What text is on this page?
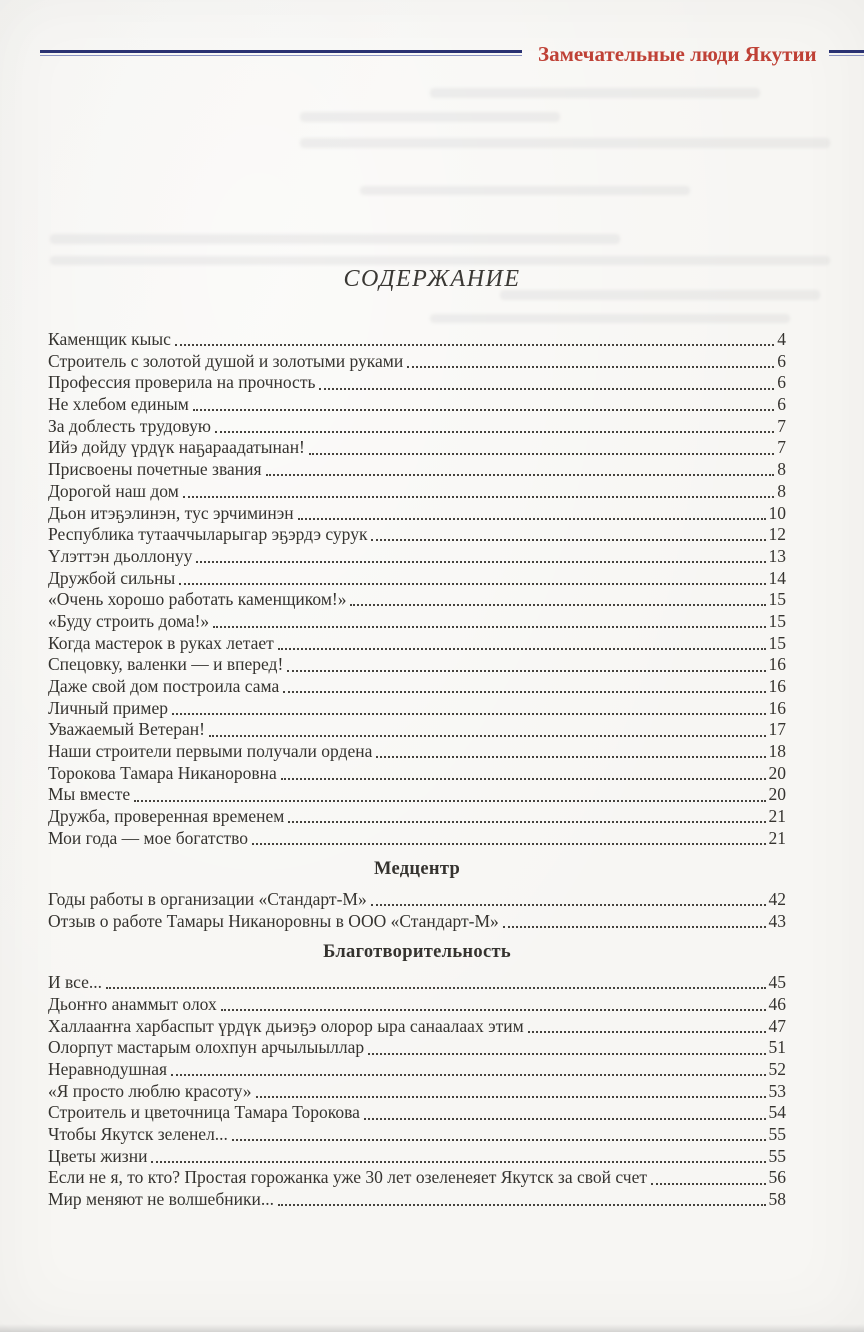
Замечательные люди Якутии
СОДЕРЖАНИЕ
Каменщик кыыс	4
Строитель с золотой душой и золотыми руками	6
Профессия проверила на прочность	6
Не хлебом единым	6
За доблесть трудовую	7
Ийэ дойду үрдүк наҕараадатынан!	7
Присвоены почетные звания	8
Дорогой наш дом	8
Дьон итэҕэлинэн, тус эрчиминэн	10
Республика тутааччыларыгар эҕэрдэ сурук	12
Үлэттэн дьоллонуу	13
Дружбой сильны	14
«Очень хорошо работать каменщиком!»	15
«Буду строить дома!»	15
Когда мастерок в руках летает	15
Спецовку, валенки — и вперед!	16
Даже свой дом построила сама	16
Личный пример	16
Уважаемый Ветеран!	17
Наши строители первыми получали ордена	18
Торокова Тамара Никаноровна	20
Мы вместе	20
Дружба, проверенная временем	21
Мои года — мое богатство	21
Медцентр
Годы работы в организации «Стандарт-М»	42
Отзыв о работе Тамары Никаноровны в ООО «Стандарт-М»	43
Благотворительность
И все...	45
Дьоҥҥо анаммыт олох	46
Халлааҥҥа харбаспыт үрдүк дьиэҕэ олорор ыра санаалаах этим	47
Олорпут мастарым олохпун арчылыыллар	51
Неравнодушная	52
«Я просто люблю красоту»	53
Строитель и цветочница Тамара Торокова	54
Чтобы Якутск зеленел...	55
Цветы жизни	55
Если не я, то кто? Простая горожанка уже 30 лет озеленеяет Якутск за свой счет	56
Мир меняют не волшебники...	58
